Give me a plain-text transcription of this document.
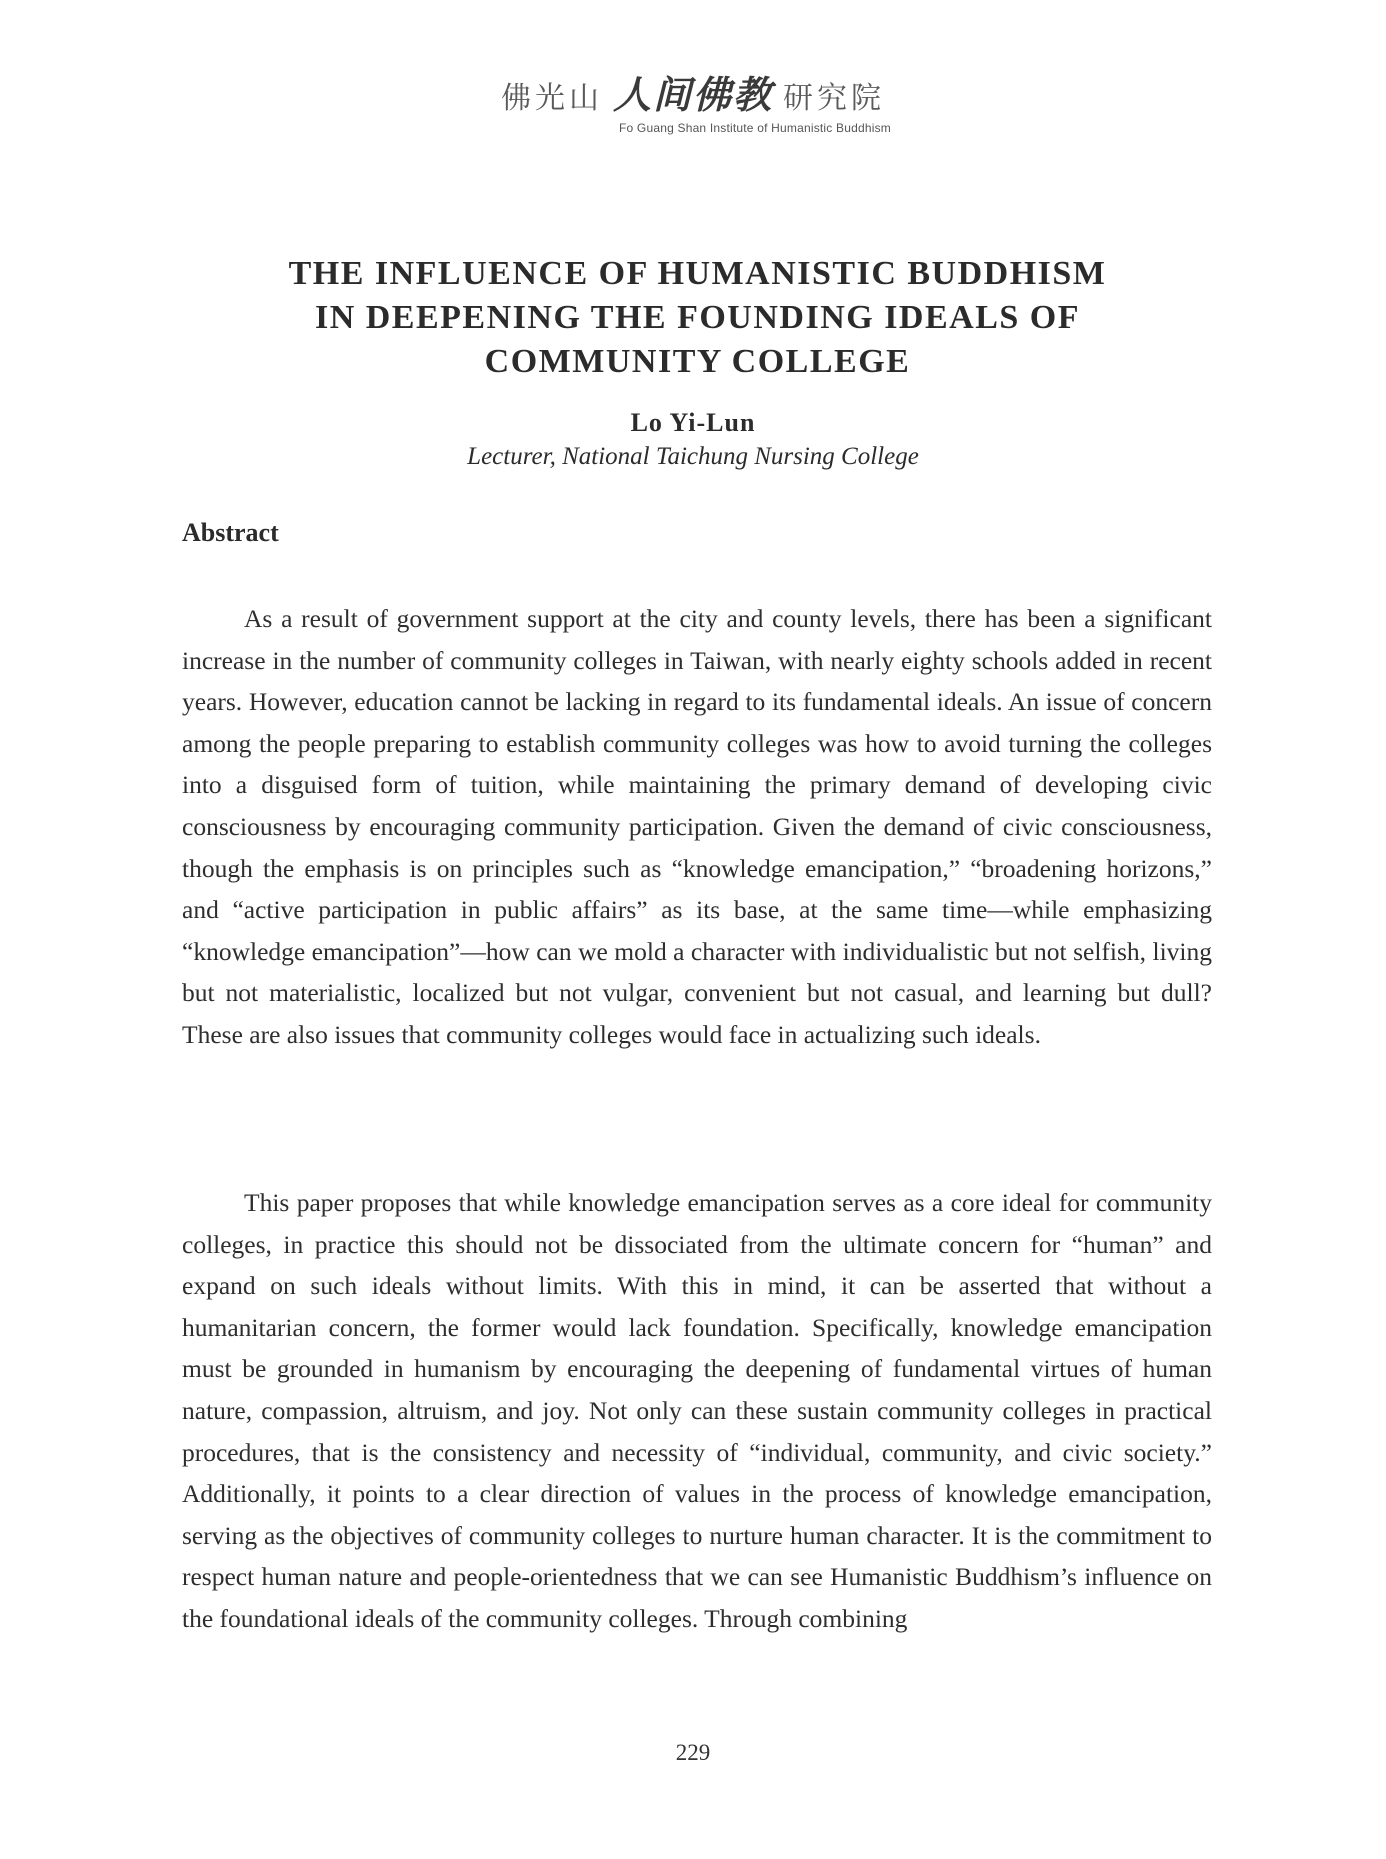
佛光山 人间佛教 研究院
Fo Guang Shan Institute of Humanistic Buddhism

THE INFLUENCE OF HUMANISTIC BUDDHISM

IN DEEPENING THE FOUNDING IDEALS OF

COMMUNITY COLLEGE

Lo Yi-Lun
Lecturer, National Taichung Nursing College
Abstract

As a result of government support at the city and county levels, there has been a significant increase in the number of community colleges in Taiwan, with nearly eighty schools added in recent years. However, education cannot be lacking in regard to its fundamental ideals. An issue of concern among the people preparing to establish community colleges was how to avoid turning the colleges into a disguised form of tuition, while maintaining the primary demand of developing civic consciousness by encouraging community participation. Given the demand of civic consciousness, though the emphasis is on principles such as “knowledge emancipation,” “broadening horizons,” and “active participation in public affairs” as its base, at the same time—while emphasizing “knowledge emancipation”—how can we mold a character with individualistic but not selfish, living but not materialistic, localized but not vulgar, convenient but not casual, and learning but dull? These are also issues that community colleges would face in actualizing such ideals.

This paper proposes that while knowledge emancipation serves as a core ideal for community colleges, in practice this should not be dissociated from the ultimate concern for “human” and expand on such ideals without limits. With this in mind, it can be asserted that without a humanitarian concern, the former would lack foundation. Specifically, knowledge emancipation must be grounded in humanism by encouraging the deepening of fundamental virtues of human nature, compassion, altruism, and joy. Not only can these sustain community colleges in practical procedures, that is the consistency and necessity of “individual, community, and civic society.” Additionally, it points to a clear direction of values in the process of knowledge emancipation, serving as the objectives of community colleges to nurture human character. It is the commitment to respect human nature and people-orientedness that we can see Humanistic Buddhism’s influence on the foundational ideals of the community colleges. Through combining

229
